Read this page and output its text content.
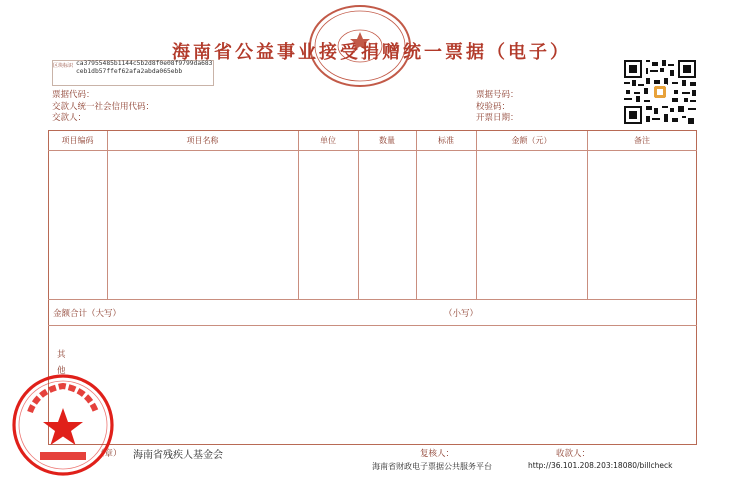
海南省公益事业接受捐赠统一票据（电子）
区块标识 ca37955485b1144c5b2d8f0e08f9799da683ceb1db57ffef62afa2abda065ebb
票据代码：
交款人统一社会信用代码：
交款人：
票据号码：
校验码：
开票日期：
项目编码	项目名称	单位	数量	标准	金额（元）	备注
金额合计（大写）	（小写）
其
他
（章） 海南省残疾人基金会	复核人：	收款人：
海南省财政电子票据公共服务平台	http://36.101.208.203:18080/billcheck
